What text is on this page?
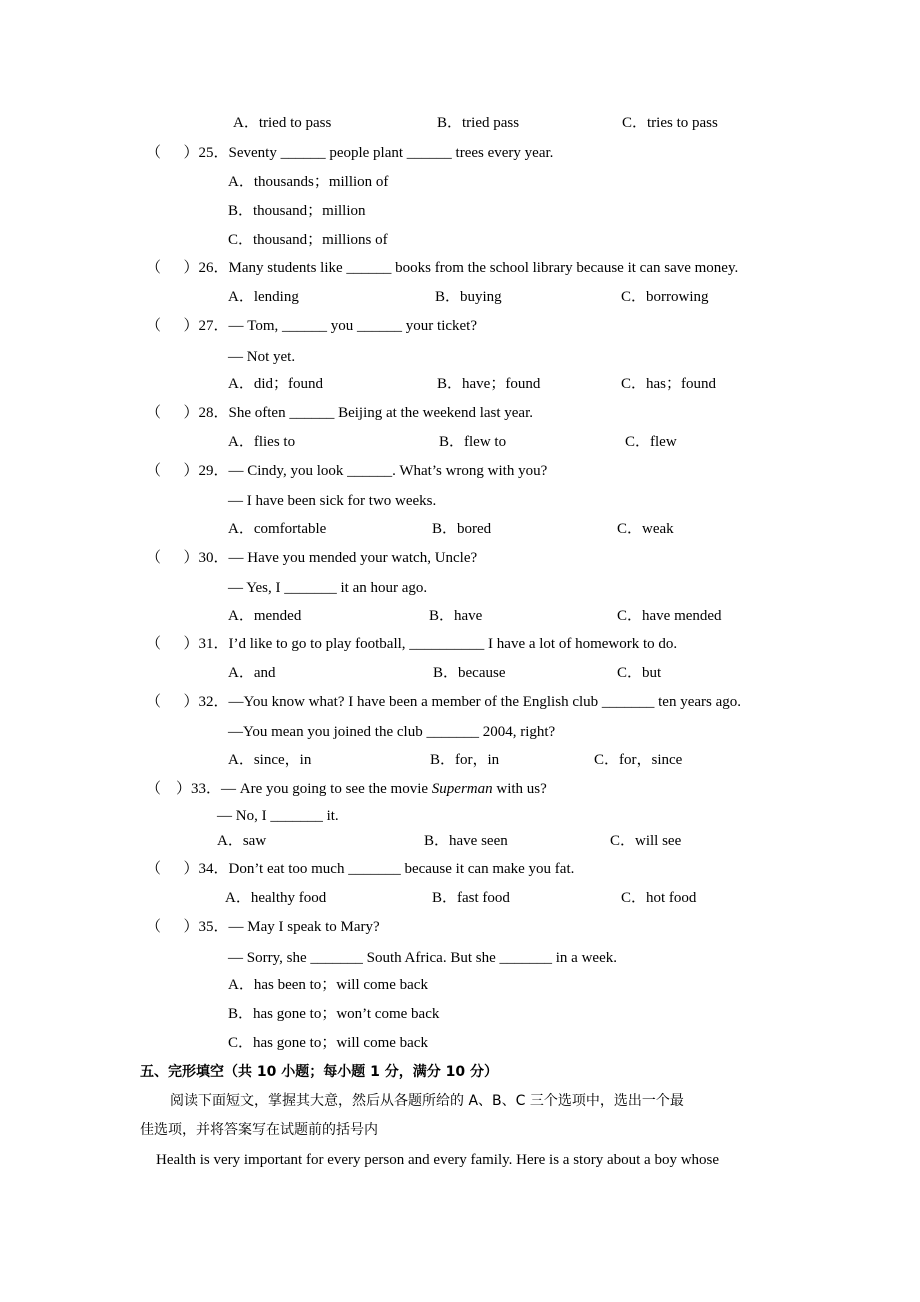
A．tried to pass	B．tried pass	C．tries to pass
（　  ）25．Seventy ______ people plant ______ trees every year.
A．thousands；million of
B．thousand；million
C．thousand；millions of
（　  ）26．Many students like ______ books from the school library because it can save money.
A．lending	B．buying	C．borrowing
（　  ）27．— Tom, ______ you ______ your ticket?
— Not yet.
A．did；found	B．have；found	C．has；found
（　  ）28．She often ______ Beijing at the weekend last year.
A．flies to	B．flew to	C．flew
（　  ）29．— Cindy, you look ______. What’s wrong with you?
— I have been sick for two weeks.
A．comfortable	B．bored	C．weak
（　  ）30．— Have you mended your watch, Uncle?
— Yes, I _______ it an hour ago.
A．mended	B．have	C．have mended
（　  ）31．I’d like to go to play football, __________ I have a lot of homework to do.
A．and	B．because	C．but
（　  ）32．—You know what? I have been a member of the English club _______ ten years ago.
—You mean you joined the club _______ 2004, right?
A．since，in	B．for，in	C．for，since
（　）33．— Are you going to see the movie Superman with us?
— No, I _______ it.
A．saw	B．have seen	C．will see
（　  ）34．Don’t eat too much _______ because it can make you fat.
A．healthy food	B．fast food	C．hot food
（　  ）35．— May I speak to Mary?
— Sorry, she _______ South Africa. But she _______ in a week.
A．has been to；will come back
B．has gone to；won’t come back
C．has gone to；will come back
五、完形填空（共 10 小题；每小题 1 分，满分 10 分）
阅读下面短文，掌握其大意，然后从各题所给的 A、B、C 三个选项中，选出一个最
佳选项，并将答案写在试题前的括号内
Health is very important for every person and every family. Here is a story about a boy whose
